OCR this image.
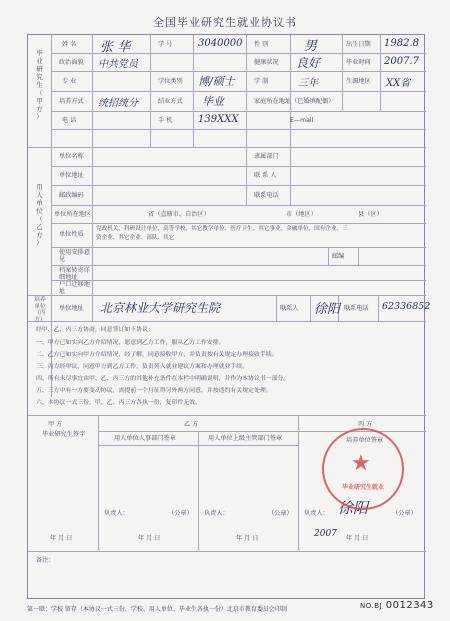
全国毕业研究生就业协议书
毕
业
研
究
生
（
甲
方
）
姓 名 张 华	学 号	3040000 性 别	男	出生日期 1982.8
政治面貌 中共党员	健康状况 良好	毕业时间 2007.7
专 业	学位类别 博/硕士	学 制	三年	生源地区 XX省
培养方式 统招统分	结业方式 毕业	家庭所在地址（已婚填配偶）
电 话	手 机	139XXX	E—mail
用
人
单
位
（
乙
方
）
单位名称	隶属部门
单位地址	联 系 人
邮政编码	联系电话
单位所在地区	省（直辖市、自治区）	市（地区）	县（区）
单位性质
党政机关、科研设计单位、高等学校、其它教学单位、医疗卫生、其它事业、金融单位、国有企业、三
资企业、其它企业、部队、其它
使用安排意见	邮编
档案转寄详细地址
户口迁移地址
培养
单位
（丙方）
单位地址 北京林业大学研究生院	联系人 徐阳 联系电话 62336852
经甲、乙、丙三方协商，同意签订如下协议：
一、甲方已如实向乙方介绍情况，愿意到乙方工作，服从乙方工作安排。
二、乙方已如实向甲方介绍情况，经了解，同意接收甲方，并负责按有关规定办理接收手续。
三、丙方经审议，同意甲方到乙方工作，负责列入就业建议方案和办理就业手续。
四、所有未尽事宜由甲、乙、丙三方的其他补充条件在本栏中明确说明，并作为本协议书一部分。
五、三方中有一方要变动协议，需提前一个月征得另外两方同意，并按违约有关规定处理。
六、本协议一式三份，甲、乙、丙三方各执一份，复印件无效。
甲 方
毕业研究生签字
年 月 日
乙 方
用人单位人事部门签章	用人单位上级主管部门签章
负责人：	（公章）
年 月 日
负责人：	（公章）
年 月 日
丙 方
培养单位签章
负责人： 徐阳	（公章）
2007 年 月 日
备注：
★
毕业研究生就业
第一联：学校 留存（本协议一式三份，学校、用人单位、毕业生各执一份）北京市教育委员会印制	NO.BJ 0012343
